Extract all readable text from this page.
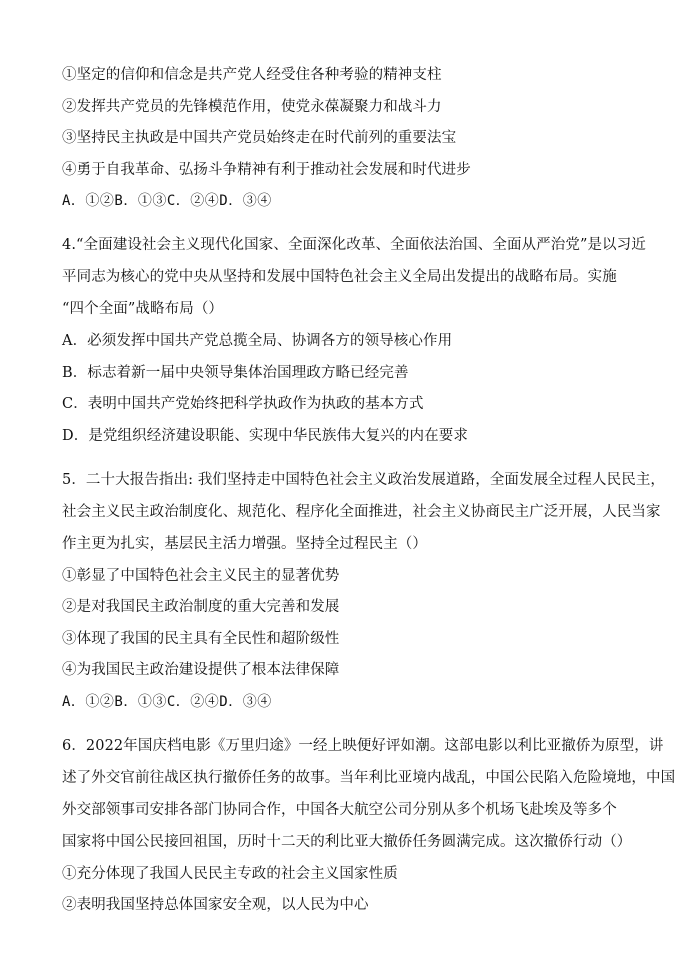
①坚定的信仰和信念是共产党人经受住各种考验的精神支柱
②发挥共产党员的先锋模范作用，使党永葆凝聚力和战斗力
③坚持民主执政是中国共产党员始终走在时代前列的重要法宝
④勇于自我革命、弘扬斗争精神有利于推动社会发展和时代进步
A．①②B．①③C．②④D．③④
4.“全面建设社会主义现代化国家、全面深化改革、全面依法治国、全面从严治党”是以习近
平同志为核心的党中央从坚持和发展中国特色社会主义全局出发提出的战略布局。实施
“四个全面”战略布局（）
A．必须发挥中国共产党总揽全局、协调各方的领导核心作用
B．标志着新一届中央领导集体治国理政方略已经完善
C．表明中国共产党始终把科学执政作为执政的基本方式
D．是党组织经济建设职能、实现中华民族伟大复兴的内在要求
5．二十大报告指出: 我们坚持走中国特色社会主义政治发展道路，全面发展全过程人民民主，
社会主义民主政治制度化、规范化、程序化全面推进，社会主义协商民主广泛开展，人民当家
作主更为扎实，基层民主活力增强。坚持全过程民主（）
①彰显了中国特色社会主义民主的显著优势
②是对我国民主政治制度的重大完善和发展
③体现了我国的民主具有全民性和超阶级性
④为我国民主政治建设提供了根本法律保障
A．①②B．①③C．②④D．③④
6．2022年国庆档电影《万里归途》一经上映便好评如潮。这部电影以利比亚撤侨为原型，讲
述了外交官前往战区执行撤侨任务的故事。当年利比亚境内战乱，中国公民陷入危险境地，中国
外交部领事司安排各部门协同合作，中国各大航空公司分别从多个机场飞赴埃及等多个
国家将中国公民接回祖国，历时十二天的利比亚大撤侨任务圆满完成。这次撤侨行动（）
①充分体现了我国人民民主专政的社会主义国家性质
②表明我国坚持总体国家安全观，以人民为中心
